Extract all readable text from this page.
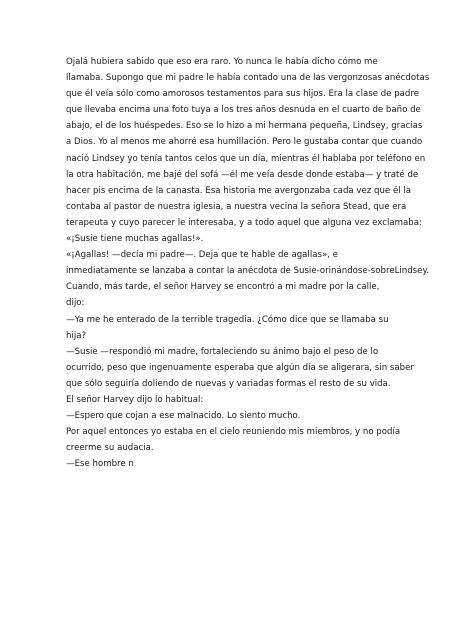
Ojalá hubiera sabido que eso era raro. Yo nunca le había dicho cómo me
llamaba. Supongo que mi padre le había contado una de las vergonzosas anécdotas
que él veía sólo como amorosos testamentos para sus hijos. Era la clase de padre
que llevaba encima una foto tuya a los tres años desnuda en el cuarto de baño de
abajo, el de los huéspedes. Eso se lo hizo a mi hermana pequeña, Lindsey, gracias
a Dios. Yo al menos me ahorré esa humillación. Pero le gustaba contar que cuando
nació Lindsey yo tenía tantos celos que un día, mientras él hablaba por teléfono en
la otra habitación, me bajé del sofá —él me veía desde donde estaba— y traté de
hacer pis encima de la canasta. Esa historia me avergonzaba cada vez que él la
contaba al pastor de nuestra iglesia, a nuestra vecina la señora Stead, que era
terapeuta y cuyo parecer le interesaba, y a todo aquel que alguna vez exclamaba:
«¡Susie tiene muchas agallas!».
«¡Agallas! —decía mi padre—. Deja que te hable de agallas», e
inmediatamente se lanzaba a contar la anécdota de Susie-orinándose-sobreLindsey.
Cuando, más tarde, el señor Harvey se encontró a mi madre por la calle,
dijo:
—Ya me he enterado de la terrible tragedia. ¿Cómo dice que se llamaba su
hija?
—Susie —respondió mi madre, fortaleciendo su ánimo bajo el peso de lo
ocurrido, peso que ingenuamente esperaba que algún día se aligerara, sin saber
que sólo seguiría doliendo de nuevas y variadas formas el resto de su vida.
El señor Harvey dijo lo habitual:
—Espero que cojan a ese malnacido. Lo siento mucho.
Por aquel entonces yo estaba en el cielo reuniendo mis miembros, y no podía
creerme su audacia.
—Ese hombre n
